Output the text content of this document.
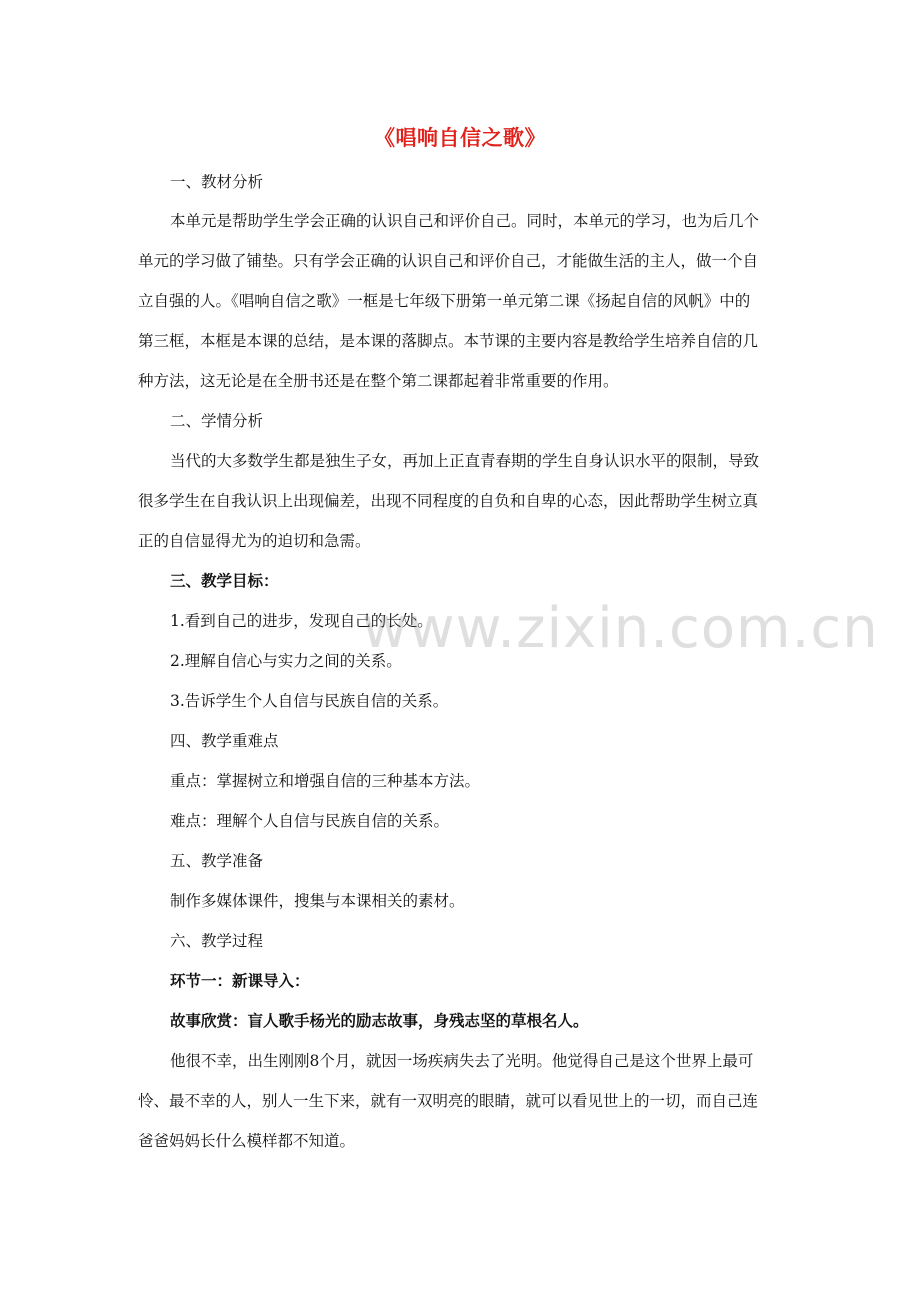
《唱响自信之歌》
一、教材分析
本单元是帮助学生学会正确的认识自己和评价自己。同时，本单元的学习，也为后几个
单元的学习做了铺垫。只有学会正确的认识自己和评价自己，才能做生活的主人，做一个自
立自强的人。《唱响自信之歌》一框是七年级下册第一单元第二课《扬起自信的风帆》中的
第三框，本框是本课的总结，是本课的落脚点。本节课的主要内容是教给学生培养自信的几
种方法，这无论是在全册书还是在整个第二课都起着非常重要的作用。
二、学情分析
当代的大多数学生都是独生子女，再加上正直青春期的学生自身认识水平的限制，导致
很多学生在自我认识上出现偏差，出现不同程度的自负和自卑的心态，因此帮助学生树立真
正的自信显得尤为的迫切和急需。
三、教学目标：
1.看到自己的进步，发现自己的长处。
2.理解自信心与实力之间的关系。
3.告诉学生个人自信与民族自信的关系。
四、教学重难点
重点：掌握树立和增强自信的三种基本方法。
难点：理解个人自信与民族自信的关系。
五、教学准备
制作多媒体课件，搜集与本课相关的素材。
六、教学过程
环节一：新课导入：
故事欣赏：盲人歌手杨光的励志故事，身残志坚的草根名人。
他很不幸，出生刚刚8个月，就因一场疾病失去了光明。他觉得自己是这个世界上最可
怜、最不幸的人，别人一生下来，就有一双明亮的眼睛，就可以看见世上的一切，而自己连
爸爸妈妈长什么模样都不知道。
www.zixin.com.cn
